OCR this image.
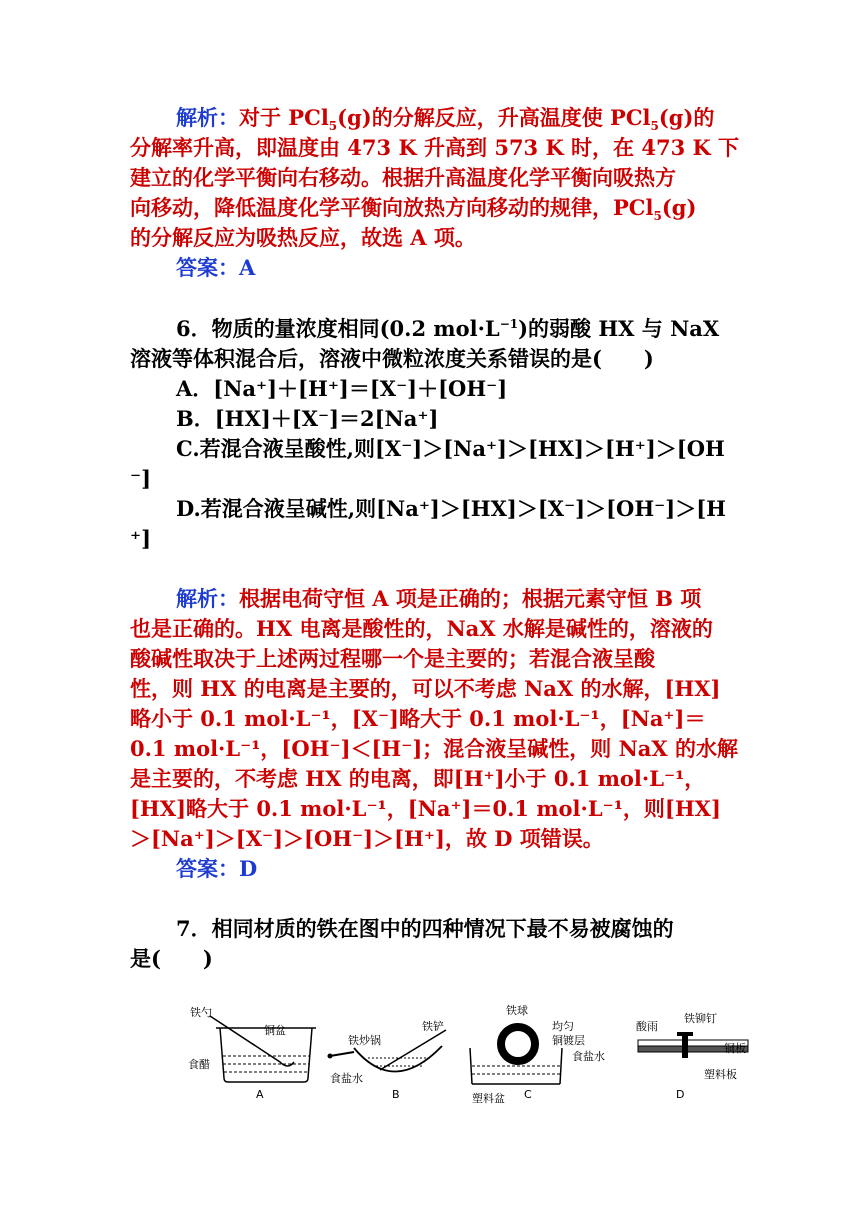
解析：对于 PCl$_5$(g)的分解反应，升高温度使 PCl$_5$(g)的
分解率升高，即温度由 473 K 升高到 573 K 时，在 473 K 下
建立的化学平衡向右移动。根据升高温度化学平衡向吸热方
向移动，降低温度化学平衡向放热方向移动的规律，PCl$_5$(g)
的分解反应为吸热反应，故选 A 项。
答案：A
6．物质的量浓度相同(0.2 $mol\cdot L^{-1}$)的弱酸 HX 与 NaX
溶液等体积混合后，溶液中微粒浓度关系错误的是(　　)
A．[Na⁺]＋[H⁺]＝[X⁻]＋[OH⁻]
B．[HX]＋[X⁻]＝2[Na⁺]
C.若混合液呈酸性,则[X⁻]＞[Na⁺]＞[HX]＞[H⁺]＞[OH
⁻]
D.若混合液呈碱性,则[Na⁺]＞[HX]＞[X⁻]＞[OH⁻]＞[H
⁺]
解析：根据电荷守恒 A 项是正确的；根据元素守恒 B 项
也是正确的。HX 电离是酸性的，NaX 水解是碱性的，溶液的
酸碱性取决于上述两过程哪一个是主要的；若混合液呈酸
性，则 HX 的电离是主要的，可以不考虑 NaX 的水解，[HX]
略小于 0.1 mol·L⁻¹，[X⁻]略大于 0.1 mol·L⁻¹，[Na⁺]＝
0.1 mol·L⁻¹，[OH⁻]＜[H⁻]；混合液呈碱性，则 NaX 的水解
是主要的，不考虑 HX 的电离，即[H⁺]小于 0.1 mol·L⁻¹，
[HX]略大于 0.1 mol·L⁻¹，[Na⁺]＝0.1 mol·L⁻¹，则[HX]
＞[Na⁺]＞[X⁻]＞[OH⁻]＞[H⁺]，故 D 项错误。
答案：D
7．相同材质的铁在图中的四种情况下最不易被腐蚀的
是(　　)
铁勺
铜盆
食醋
A
铁炒锅
铁铲
食盐水
B
铁球
均匀
铜镀层
食盐水
塑料盆 C
酸雨
铁铆钉
铜板
塑料板
D
